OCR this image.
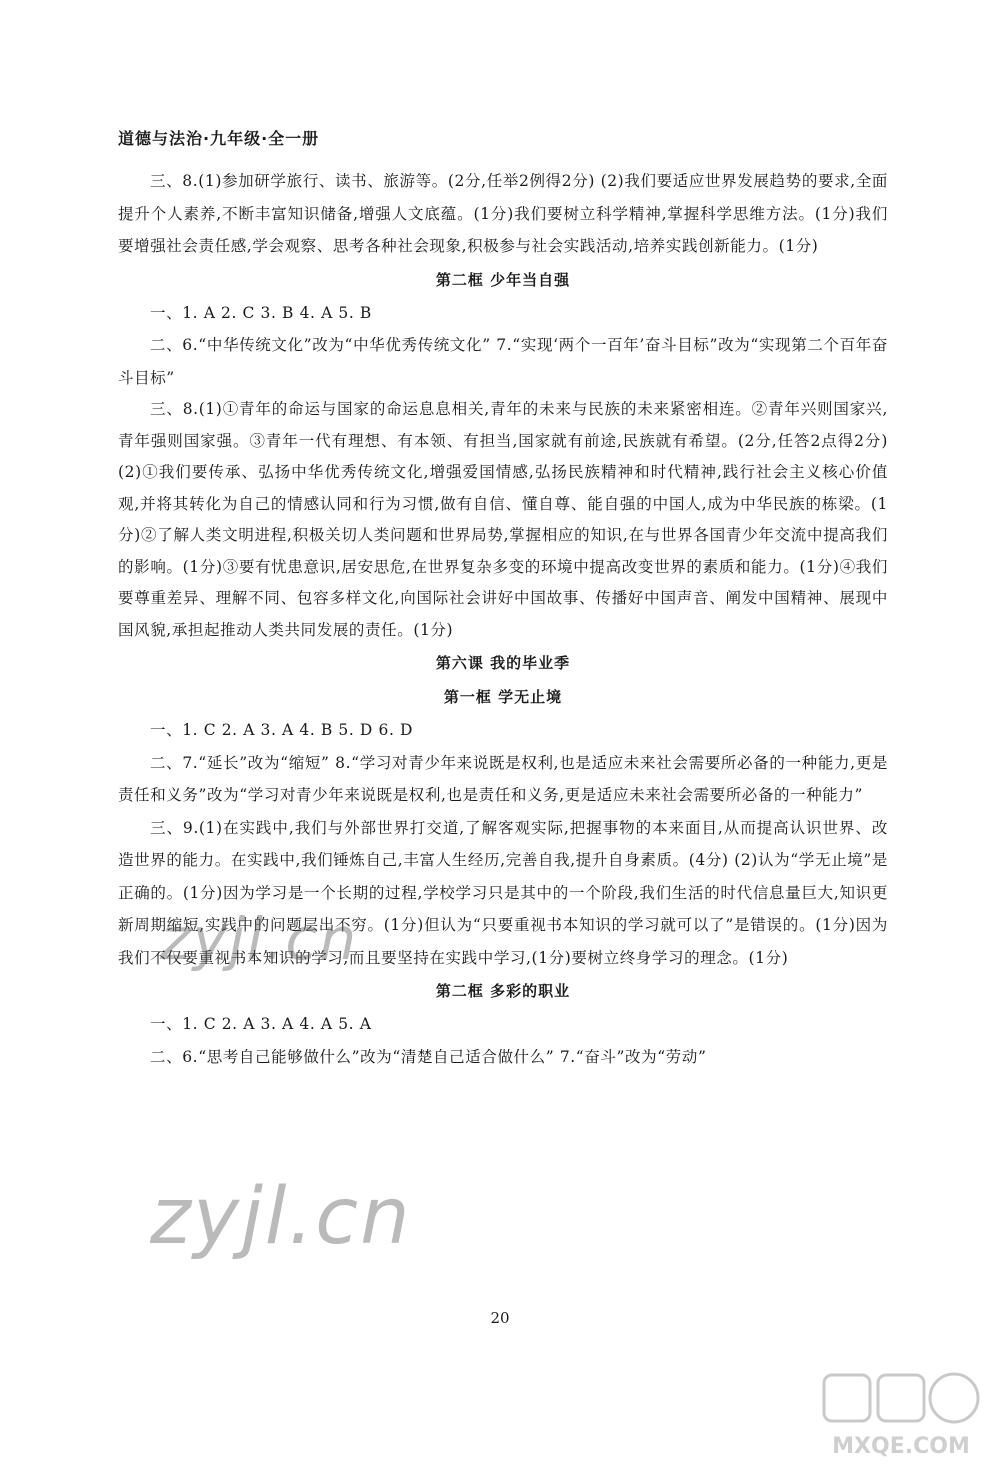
道德与法治·九年级·全一册

三、8.(1)参加研学旅行、读书、旅游等。(2分,任举2例得2分) (2)我们要适应世界发展趋势的要求,全面提升个人素养,不断丰富知识储备,增强人文底蕴。(1分)我们要树立科学精神,掌握科学思维方法。(1分)我们要增强社会责任感,学会观察、思考各种社会现象,积极参与社会实践活动,培养实践创新能力。(1分)

第二框 少年当自强

一、1. A 2. C 3. B 4. A 5. B

二、6.“中华传统文化”改为“中华优秀传统文化” 7.“实现‘两个一百年’奋斗目标”改为“实现第二个百年奋斗目标”

三、8.(1)①青年的命运与国家的命运息息相关,青年的未来与民族的未来紧密相连。②青年兴则国家兴,青年强则国家强。③青年一代有理想、有本领、有担当,国家就有前途,民族就有希望。(2分,任答2点得2分) (2)①我们要传承、弘扬中华优秀传统文化,增强爱国情感,弘扬民族精神和时代精神,践行社会主义核心价值观,并将其转化为自己的情感认同和行为习惯,做有自信、懂自尊、能自强的中国人,成为中华民族的栋梁。(1分)②了解人类文明进程,积极关切人类问题和世界局势,掌握相应的知识,在与世界各国青少年交流中提高我们的影响。(1分)③要有忧患意识,居安思危,在世界复杂多变的环境中提高改变世界的素质和能力。(1分)④我们要尊重差异、理解不同、包容多样文化,向国际社会讲好中国故事、传播好中国声音、阐发中国精神、展现中国风貌,承担起推动人类共同发展的责任。(1分)

第六课 我的毕业季
第一框 学无止境

一、1. C 2. A 3. A 4. B 5. D 6. D

二、7.“延长”改为“缩短” 8.“学习对青少年来说既是权利,也是适应未来社会需要所必备的一种能力,更是责任和义务”改为“学习对青少年来说既是权利,也是责任和义务,更是适应未来社会需要所必备的一种能力”

三、9.(1)在实践中,我们与外部世界打交道,了解客观实际,把握事物的本来面目,从而提高认识世界、改造世界的能力。在实践中,我们锤炼自己,丰富人生经历,完善自我,提升自身素质。(4分) (2)认为“学无止境”是正确的。(1分)因为学习是一个长期的过程,学校学习只是其中的一个阶段,我们生活的时代信息量巨大,知识更新周期缩短,实践中的问题层出不穷。(1分)但认为“只要重视书本知识的学习就可以了”是错误的。(1分)因为我们不仅要重视书本知识的学习,而且要坚持在实践中学习,(1分)要树立终身学习的理念。(1分)

第二框 多彩的职业

一、1. C 2. A 3. A 4. A 5. A

二、6.“思考自己能够做什么”改为“清楚自己适合做什么” 7.“奋斗”改为“劳动”

20
zyjl.cn
zyjl.cn
MXQE.COM
